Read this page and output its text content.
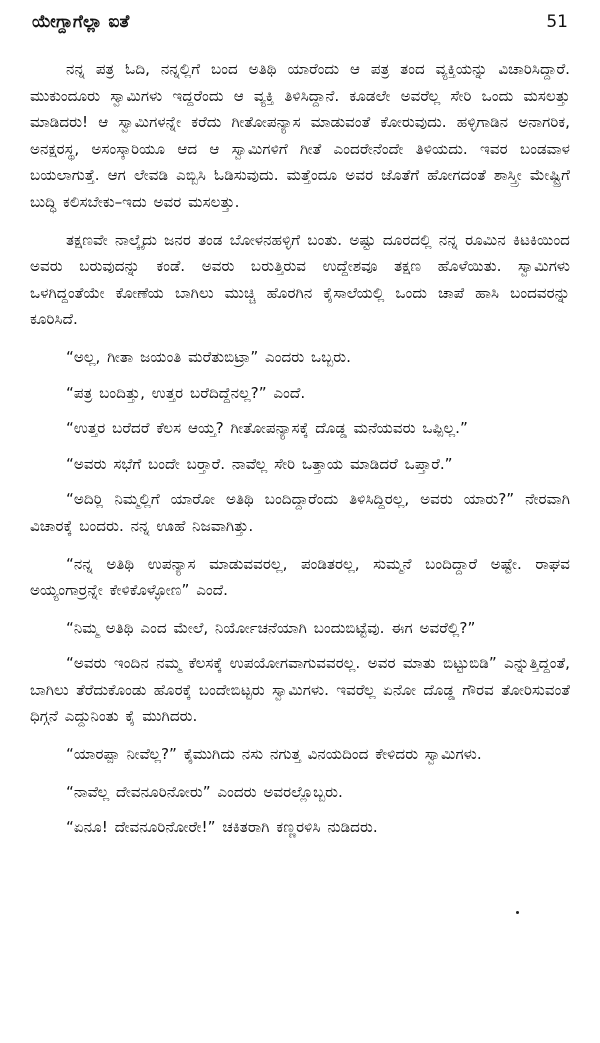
ಯೇಗ್ದಾಗೆಲ್ಲಾ ಐತೆ	51

ನನ್ನ ಪತ್ರ ಓದಿ, ನನ್ನಲ್ಲಿಗೆ ಬಂದ ಅತಿಥಿ ಯಾರೆಂದು ಆ ಪತ್ರ ತಂದ ವ್ಯಕ್ತಿಯನ್ನು ವಿಚಾರಿಸಿದ್ದಾರೆ. ಮುಕುಂದೂರು ಸ್ವಾಮಿಗಳು ಇದ್ದರೆಂದು ಆ ವ್ಯಕ್ತಿ ತಿಳಿಸಿದ್ದಾನೆ. ಕೂಡಲೇ ಅವರೆಲ್ಲ ಸೇರಿ ಒಂದು ಮಸಲತ್ತು ಮಾಡಿದರು! ಆ ಸ್ವಾಮಿಗಳನ್ನೇ ಕರೆದು ಗೀತೋಪನ್ಯಾಸ ಮಾಡುವಂತೆ ಕೋರುವುದು. ಹಳ್ಳಿಗಾಡಿನ ಅನಾಗರಿಕ, ಅನಕ್ಷರಸ್ಥ, ಅಸಂಸ್ಕಾರಿಯೂ ಆದ ಆ ಸ್ವಾಮಿಗಳಿಗೆ ಗೀತೆ ಎಂದರೇನೆಂದೇ ತಿಳಿಯದು. ಇವರ ಬಂಡವಾಳ ಬಯಲಾಗುತ್ತೆ. ಆಗ ಲೇವಡಿ ಎಬ್ಬಿಸಿ ಓಡಿಸುವುದು. ಮತ್ತೆಂದೂ ಅವರ ಜೊತೆಗೆ ಹೋಗದಂತೆ ಶಾಸ್ತ್ರೀ ಮೇಷ್ಟ್ರಿಗೆ ಬುದ್ಧಿ ಕಲಿಸಬೇಕು–ಇದು ಅವರ ಮಸಲತ್ತು.

ತಕ್ಷಣವೇ ನಾಲ್ಕೈದು ಜನರ ತಂಡ ಬೋಳನಹಳ್ಳಿಗೆ ಬಂತು. ಅಷ್ಟು ದೂರದಲ್ಲಿ ನನ್ನ ರೂಮಿನ ಕಿಟಕಿಯಿಂದ ಅವರು ಬರುವುದನ್ನು ಕಂಡೆ. ಅವರು ಬರುತ್ತಿರುವ ಉದ್ದೇಶವೂ ತಕ್ಷಣ ಹೊಳೆಯಿತು. ಸ್ವಾಮಿಗಳು ಒಳಗಿದ್ದಂತೆಯೇ ಕೋಣೆಯ ಬಾಗಿಲು ಮುಚ್ಚಿ ಹೊರಗಿನ ಕೈಸಾಲೆಯಲ್ಲಿ ಒಂದು ಚಾಪೆ ಹಾಸಿ ಬಂದವರನ್ನು ಕೂರಿಸಿದೆ.

“ಅಲ್ಲ, ಗೀತಾ ಜಯಂತಿ ಮರೆತುಬಿಟ್ರಾ” ಎಂದರು ಒಬ್ಬರು.

“ಪತ್ರ ಬಂದಿತ್ತು, ಉತ್ತರ ಬರೆದಿದ್ದೆನಲ್ಲ?” ಎಂದೆ.

“ಉತ್ತರ ಬರೆದರೆ ಕೆಲಸ ಆಯ್ತ? ಗೀತೋಪನ್ಯಾಸಕ್ಕೆ ದೊಡ್ಡ ಮನೆಯವರು ಒಪ್ಪಿಲ್ಲ.”

“ಅವರು ಸಭೆಗೆ ಬಂದೇ ಬರ್‍ತಾರೆ. ನಾವೆಲ್ಲ ಸೇರಿ ಒತ್ತಾಯ ಮಾಡಿದರೆ ಒಪ್ತಾರೆ.”

“ಅದಿರ್‍ಲಿ ನಿಮ್ಮಲ್ಲಿಗೆ ಯಾರೋ ಅತಿಥಿ ಬಂದಿದ್ದಾರೆಂದು ತಿಳಿಸಿದ್ದಿರಲ್ಲ, ಅವರು ಯಾರು?” ನೇರವಾಗಿ ವಿಚಾರಕ್ಕೆ ಬಂದರು. ನನ್ನ ಊಹೆ ನಿಜವಾಗಿತ್ತು.

“ನನ್ನ ಅತಿಥಿ ಉಪನ್ಯಾಸ ಮಾಡುವವರಲ್ಲ, ಪಂಡಿತರಲ್ಲ, ಸುಮ್ಮನೆ ಬಂದಿದ್ದಾರೆ ಅಷ್ಟೇ. ರಾಘವ ಅಯ್ಯಂಗಾರ್‍ರನ್ನೇ ಕೇಳಿಕೊಳ್ಳೋಣ” ಎಂದೆ.

“ನಿಮ್ಮ ಅತಿಥಿ ಎಂದ ಮೇಲೆ, ನಿರ್ಯೋಚನೆಯಾಗಿ ಬಂದುಬಿಟ್ಟೆವು. ಈಗ ಅವರೆಲ್ಲಿ?”

“ಅವರು ಇಂದಿನ ನಮ್ಮ ಕೆಲಸಕ್ಕೆ ಉಪಯೋಗವಾಗುವವರಲ್ಲ. ಅವರ ಮಾತು ಬಿಟ್ಟುಬಿಡಿ” ಎನ್ನುತ್ತಿದ್ದಂತೆ, ಬಾಗಿಲು ತೆರೆದುಕೊಂಡು ಹೊರಕ್ಕೆ ಬಂದೇಬಿಟ್ಟರು ಸ್ವಾಮಿಗಳು. ಇವರೆಲ್ಲ ಏನೋ ದೊಡ್ಡ ಗೌರವ ತೋರಿಸುವಂತೆ ಧಿಗ್ಗನೆ ಎದ್ದುನಿಂತು ಕೈ ಮುಗಿದರು.

“ಯಾರಪ್ಪಾ ನೀವೆಲ್ಲ?” ಕೈಮುಗಿದು ನಸು ನಗುತ್ತ ವಿನಯದಿಂದ ಕೇಳಿದರು ಸ್ವಾಮಿಗಳು.

“ನಾವೆಲ್ಲ ದೇವನೂರಿನೋರು” ಎಂದರು ಅವರಲ್ಲೊಬ್ಬರು.

“ಏನೂ! ದೇವನೂರಿನೋರೇ!” ಚಕಿತರಾಗಿ ಕಣ್ಣರಳಿಸಿ ನುಡಿದರು.
